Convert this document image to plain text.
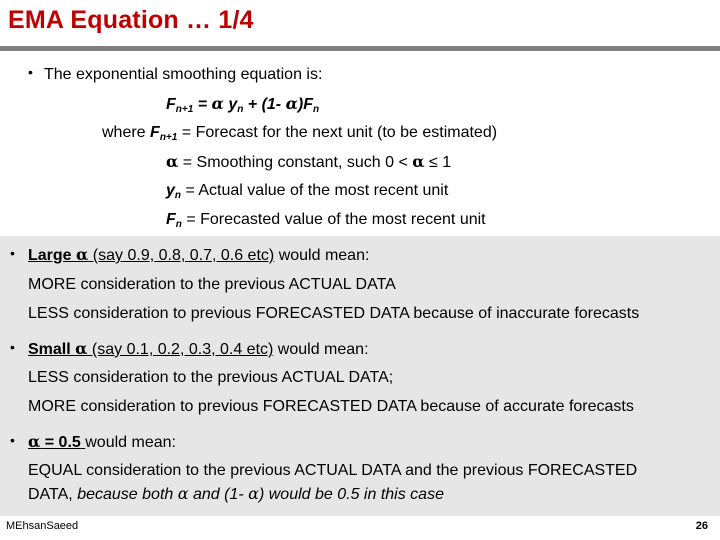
EMA Equation … 1/4
• The exponential smoothing equation is:
$F_{n+1} = \alpha$ $y_n + (1-$ $\alpha)F_n$
where $F_{n+1}$ = Forecast for the next unit (to be estimated)
α = Smoothing constant, such 0 < α ≤ 1
$y_n$ = Actual value of the most recent unit
$F_n$ = Forecasted value of the most recent unit
• Large α (say 0.9, 0.8, 0.7, 0.6 etc) would mean:
MORE consideration to the previous ACTUAL DATA
LESS consideration to previous FORECASTED DATA because of inaccurate forecasts
• Small α (say 0.1, 0.2, 0.3, 0.4 etc) would mean:
LESS consideration to the previous ACTUAL DATA;
MORE consideration to previous FORECASTED DATA because of accurate forecasts
• α = 0.5 would mean:
EQUAL consideration to the previous ACTUAL DATA and the previous FORECASTED
DATA, because both α and (1- α) would be 0.5 in this case
MEhsanSaeed	26
